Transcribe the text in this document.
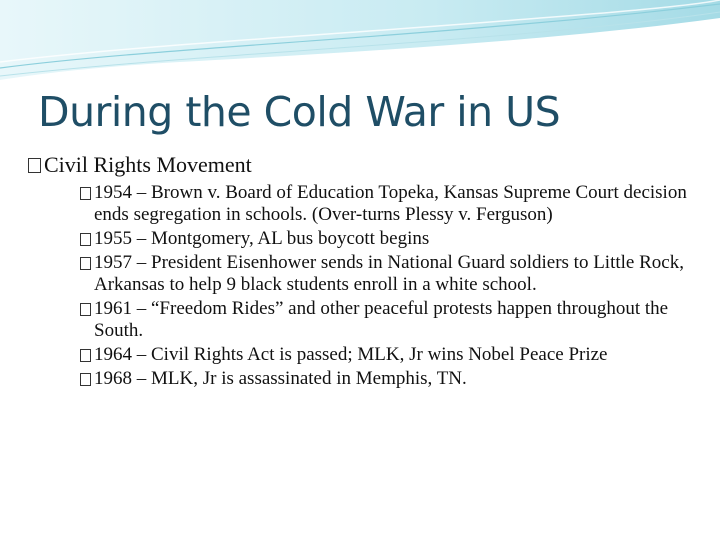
During the Cold War in US

Civil Rights Movement

1954 – Brown v. Board of Education Topeka, Kansas Supreme Court decision ends segregation in schools. (Over-turns Plessy v. Ferguson)
1955 – Montgomery, AL bus boycott begins
1957 – President Eisenhower sends in National Guard soldiers to Little Rock, Arkansas to help 9 black students enroll in a white school.
1961 – “Freedom Rides” and other peaceful protests happen throughout the South.
1964 – Civil Rights Act is passed; MLK, Jr wins Nobel Peace Prize
1968 – MLK, Jr is assassinated in Memphis, TN.
